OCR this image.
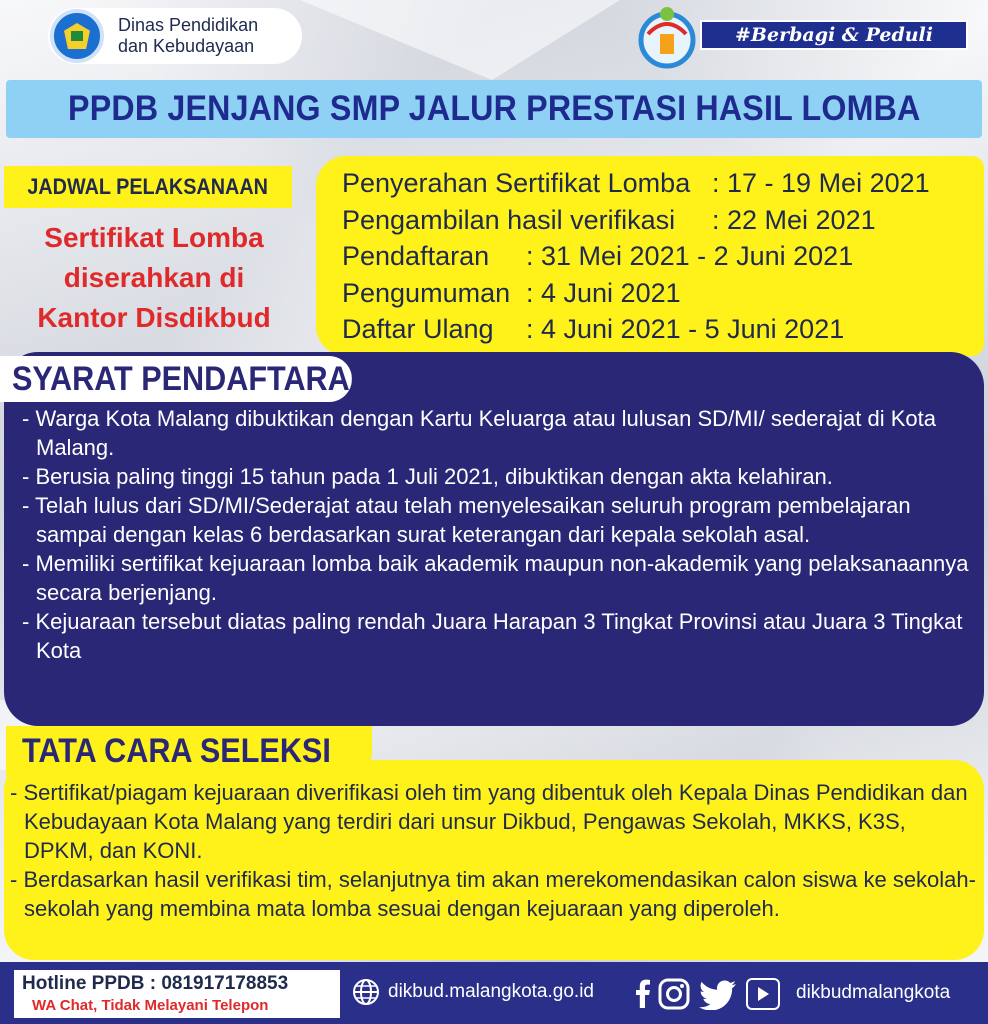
Dinas Pendidikan
dan Kebudayaan	#Berbagi & Peduli
PPDB JENJANG SMP JALUR PRESTASI HASIL LOMBA
JADWAL PELAKSANAAN
Sertifikat Lomba
diserahkan di
Kantor Disdikbud
Penyerahan Sertifikat Lomba : 17 - 19 Mei 2021
Pengambilan hasil verifikasi	: 22 Mei 2021
Pendaftaran	: 31 Mei 2021 - 2 Juni 2021
Pengumuman : 4 Juni 2021
Daftar Ulang	: 4 Juni 2021 - 5 Juni 2021
SYARAT PENDAFTARAN
- Warga Kota Malang dibuktikan dengan Kartu Keluarga atau lulusan SD/MI/ sederajat di Kota Malang.
- Berusia paling tinggi 15 tahun pada 1 Juli 2021, dibuktikan dengan akta kelahiran.
- Telah lulus dari SD/MI/Sederajat atau telah menyelesaikan seluruh program pembelajaran sampai dengan kelas 6 berdasarkan surat keterangan dari kepala sekolah asal.
- Memiliki sertifikat kejuaraan lomba baik akademik maupun non-akademik yang pelaksanaannya secara berjenjang.
- Kejuaraan tersebut diatas paling rendah Juara Harapan 3 Tingkat Provinsi atau Juara 3 Tingkat Kota
TATA CARA SELEKSI
- Sertifikat/piagam kejuaraan diverifikasi oleh tim yang dibentuk oleh Kepala Dinas Pendidikan dan Kebudayaan Kota Malang yang terdiri dari unsur Dikbud, Pengawas Sekolah, MKKS, K3S, DPKM, dan KONI.
- Berdasarkan hasil verifikasi tim, selanjutnya tim akan merekomendasikan calon siswa ke sekolah-sekolah yang membina mata lomba sesuai dengan kejuaraan yang diperoleh.
Hotline PPDB : 081917178853
WA Chat, Tidak Melayani Telepon
dikbud.malangkota.go.id	dikbudmalangkota
